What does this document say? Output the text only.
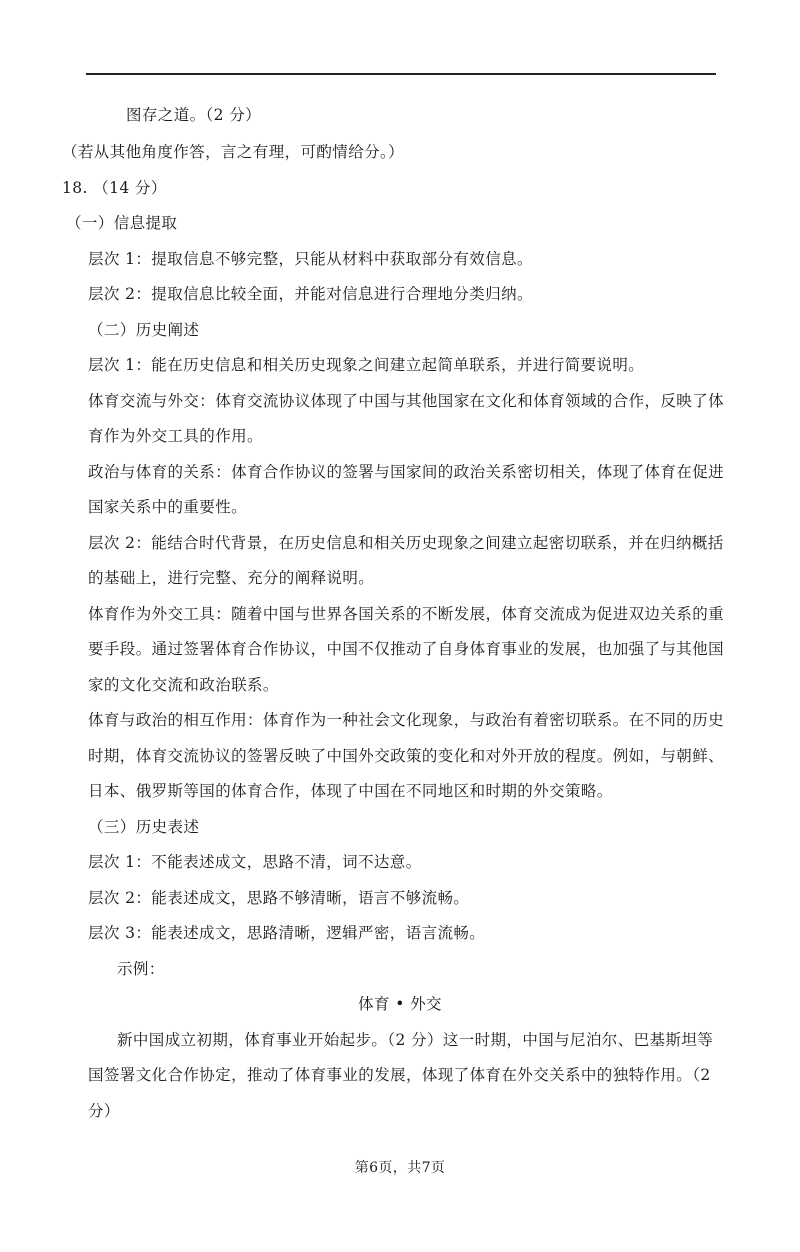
图存之道。（2 分）
（若从其他角度作答，言之有理，可酌情给分。）
18. （14 分）
（一）信息提取
层次 1：提取信息不够完整，只能从材料中获取部分有效信息。
层次 2：提取信息比较全面，并能对信息进行合理地分类归纳。
（二）历史阐述
层次 1：能在历史信息和相关历史现象之间建立起简单联系，并进行简要说明。
体育交流与外交：体育交流协议体现了中国与其他国家在文化和体育领域的合作，反映了体
育作为外交工具的作用。
政治与体育的关系：体育合作协议的签署与国家间的政治关系密切相关，体现了体育在促进
国家关系中的重要性。
层次 2：能结合时代背景，在历史信息和相关历史现象之间建立起密切联系，并在归纳概括
的基础上，进行完整、充分的阐释说明。
体育作为外交工具：随着中国与世界各国关系的不断发展，体育交流成为促进双边关系的重
要手段。通过签署体育合作协议，中国不仅推动了自身体育事业的发展，也加强了与其他国
家的文化交流和政治联系。
体育与政治的相互作用：体育作为一种社会文化现象，与政治有着密切联系。在不同的历史
时期，体育交流协议的签署反映了中国外交政策的变化和对外开放的程度。例如，与朝鲜、
日本、俄罗斯等国的体育合作，体现了中国在不同地区和时期的外交策略。
（三）历史表述
层次 1：不能表述成文，思路不清，词不达意。
层次 2：能表述成文，思路不够清晰，语言不够流畅。
层次 3：能表述成文，思路清晰，逻辑严密，语言流畅。
示例：
体育 • 外交
新中国成立初期，体育事业开始起步。（2 分）这一时期，中国与尼泊尔、巴基斯坦等
国签署文化合作协定，推动了体育事业的发展，体现了体育在外交关系中的独特作用。（2
分）
第6页，共7页
